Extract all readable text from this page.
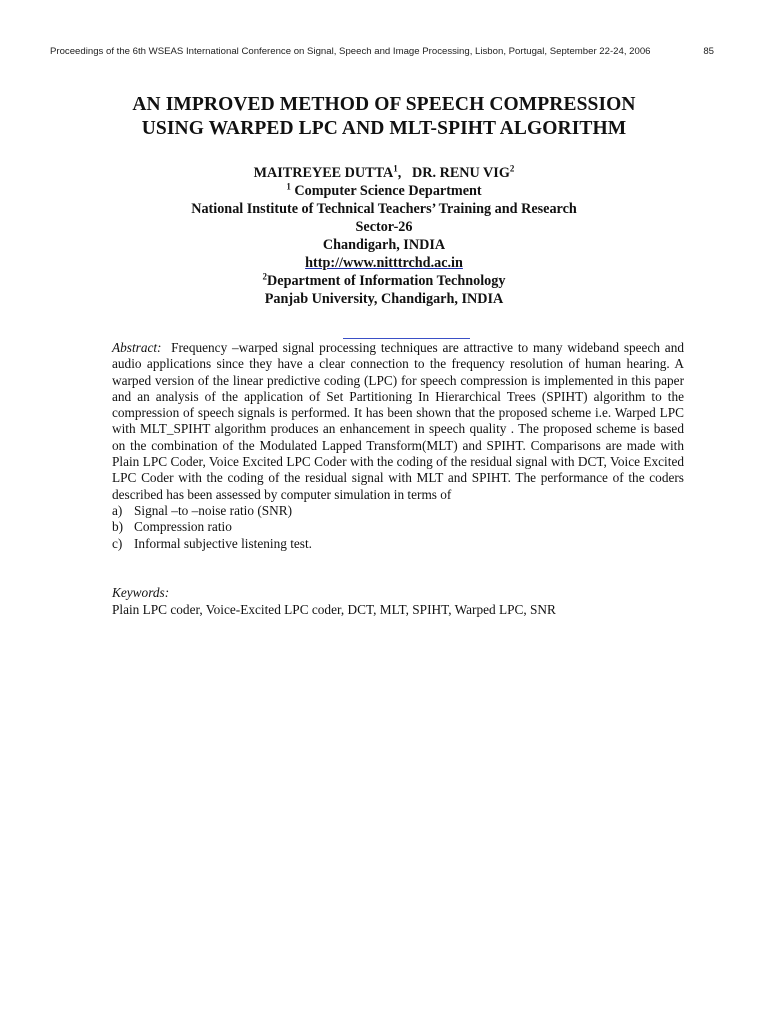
Proceedings of the 6th WSEAS International Conference on Signal, Speech and Image Processing, Lisbon, Portugal, September 22-24, 2006	85
AN IMPROVED METHOD OF SPEECH COMPRESSION
USING WARPED LPC AND MLT-SPIHT ALGORITHM
MAITREYEE DUTTA$^1$,   DR. RENU VIG$^2$
$^1$ Computer Science Department
National Institute of Technical Teachers’ Training and Research
Sector-26
Chandigarh, INDIA
http://www.nitttrchd.ac.in
$^2$Department of Information Technology
Panjab University, Chandigarh, INDIA

Abstract: Frequency –warped signal processing techniques are attractive to many wideband speech and audio applications since they have a clear connection to the frequency resolution of human hearing. A warped version of the linear predictive coding (LPC) for speech compression is implemented in this paper and an analysis of the application of Set Partitioning In Hierarchical Trees (SPIHT) algorithm to the compression of speech signals is performed. It has been shown that the proposed scheme i.e. Warped LPC with MLT_SPIHT algorithm produces an enhancement in speech quality . The proposed scheme is based on the combination of the Modulated Lapped Transform(MLT) and SPIHT. Comparisons are made with Plain LPC Coder, Voice Excited LPC Coder with the coding of the residual signal with DCT, Voice Excited LPC Coder with the coding of the residual signal with MLT and SPIHT. The performance of the coders described has been assessed by computer simulation in terms of

a) Signal –to –noise ratio (SNR)
b) Compression ratio
c) Informal subjective listening test.
Keywords:
Plain LPC coder, Voice-Excited LPC coder, DCT, MLT, SPIHT, Warped LPC, SNR
